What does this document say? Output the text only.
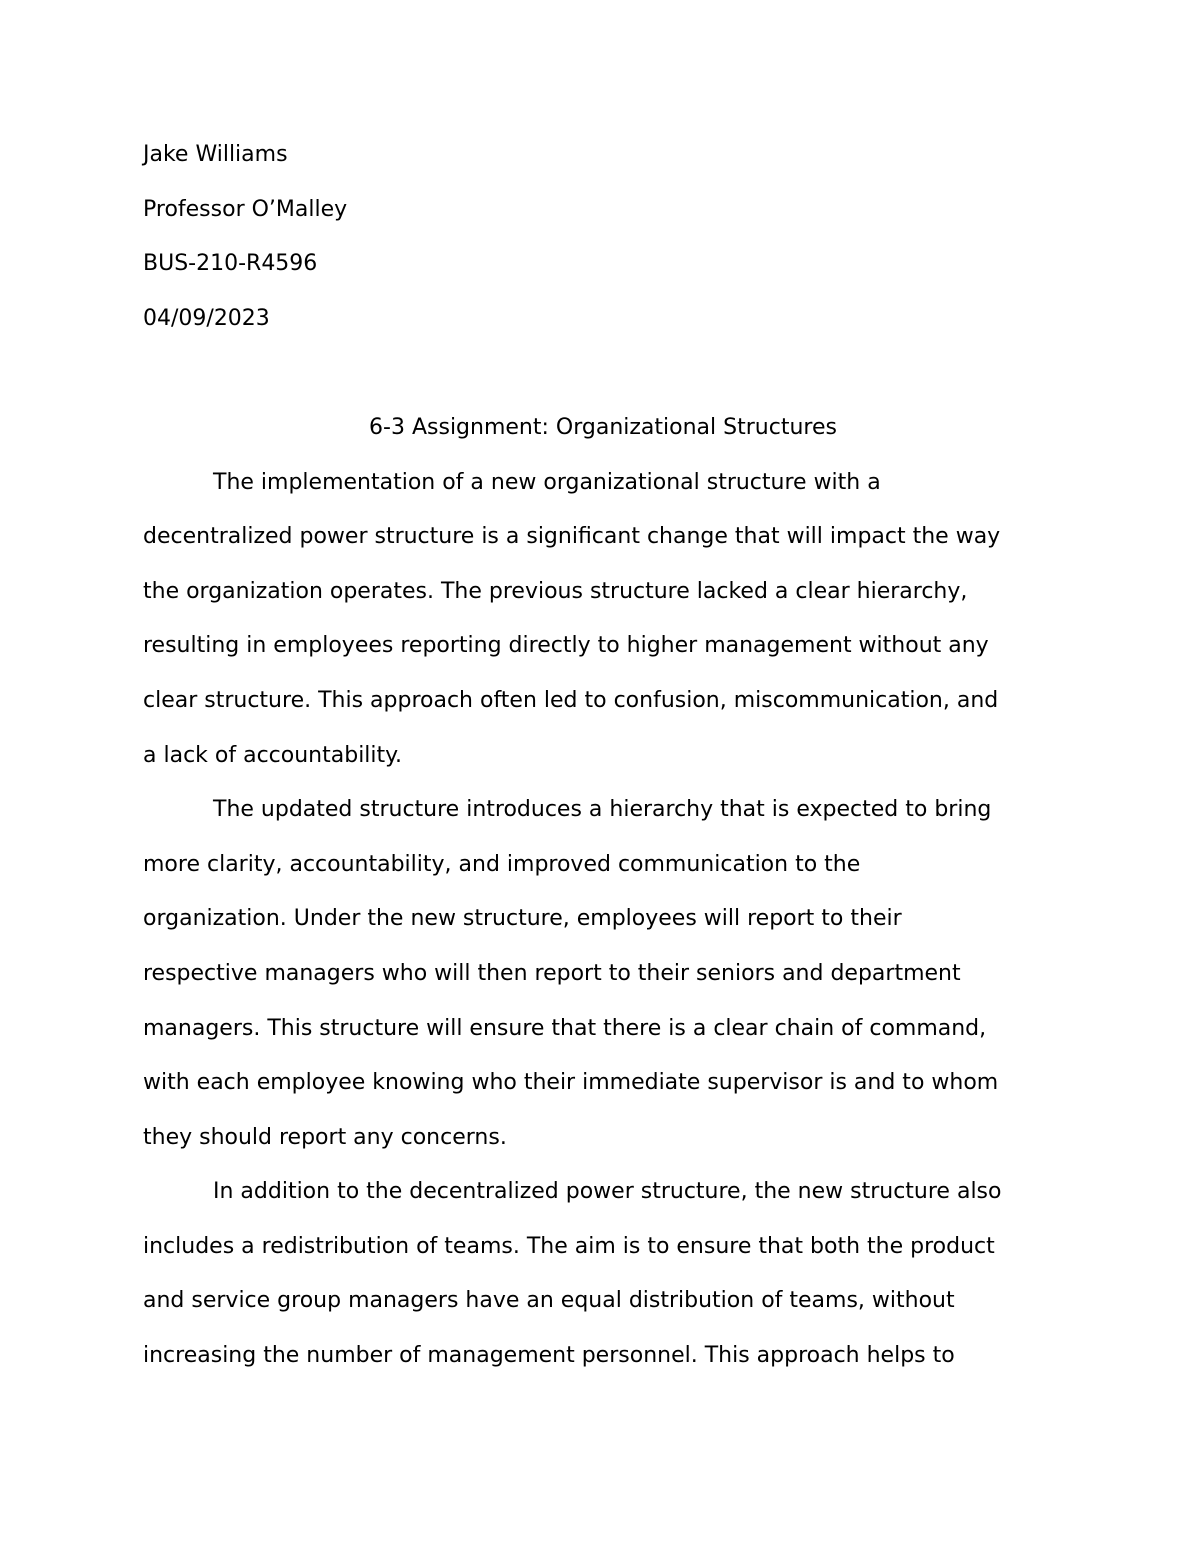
Jake Williams

Professor O’Malley

BUS-210-R4596

04/09/2023

6-3 Assignment: Organizational Structures

The implementation of a new organizational structure with a
decentralized power structure is a significant change that will impact the way
the organization operates. The previous structure lacked a clear hierarchy,
resulting in employees reporting directly to higher management without any
clear structure. This approach often led to confusion, miscommunication, and
a lack of accountability.

The updated structure introduces a hierarchy that is expected to bring
more clarity, accountability, and improved communication to the
organization. Under the new structure, employees will report to their
respective managers who will then report to their seniors and department
managers. This structure will ensure that there is a clear chain of command,
with each employee knowing who their immediate supervisor is and to whom
they should report any concerns.

In addition to the decentralized power structure, the new structure also
includes a redistribution of teams. The aim is to ensure that both the product
and service group managers have an equal distribution of teams, without
increasing the number of management personnel. This approach helps to
